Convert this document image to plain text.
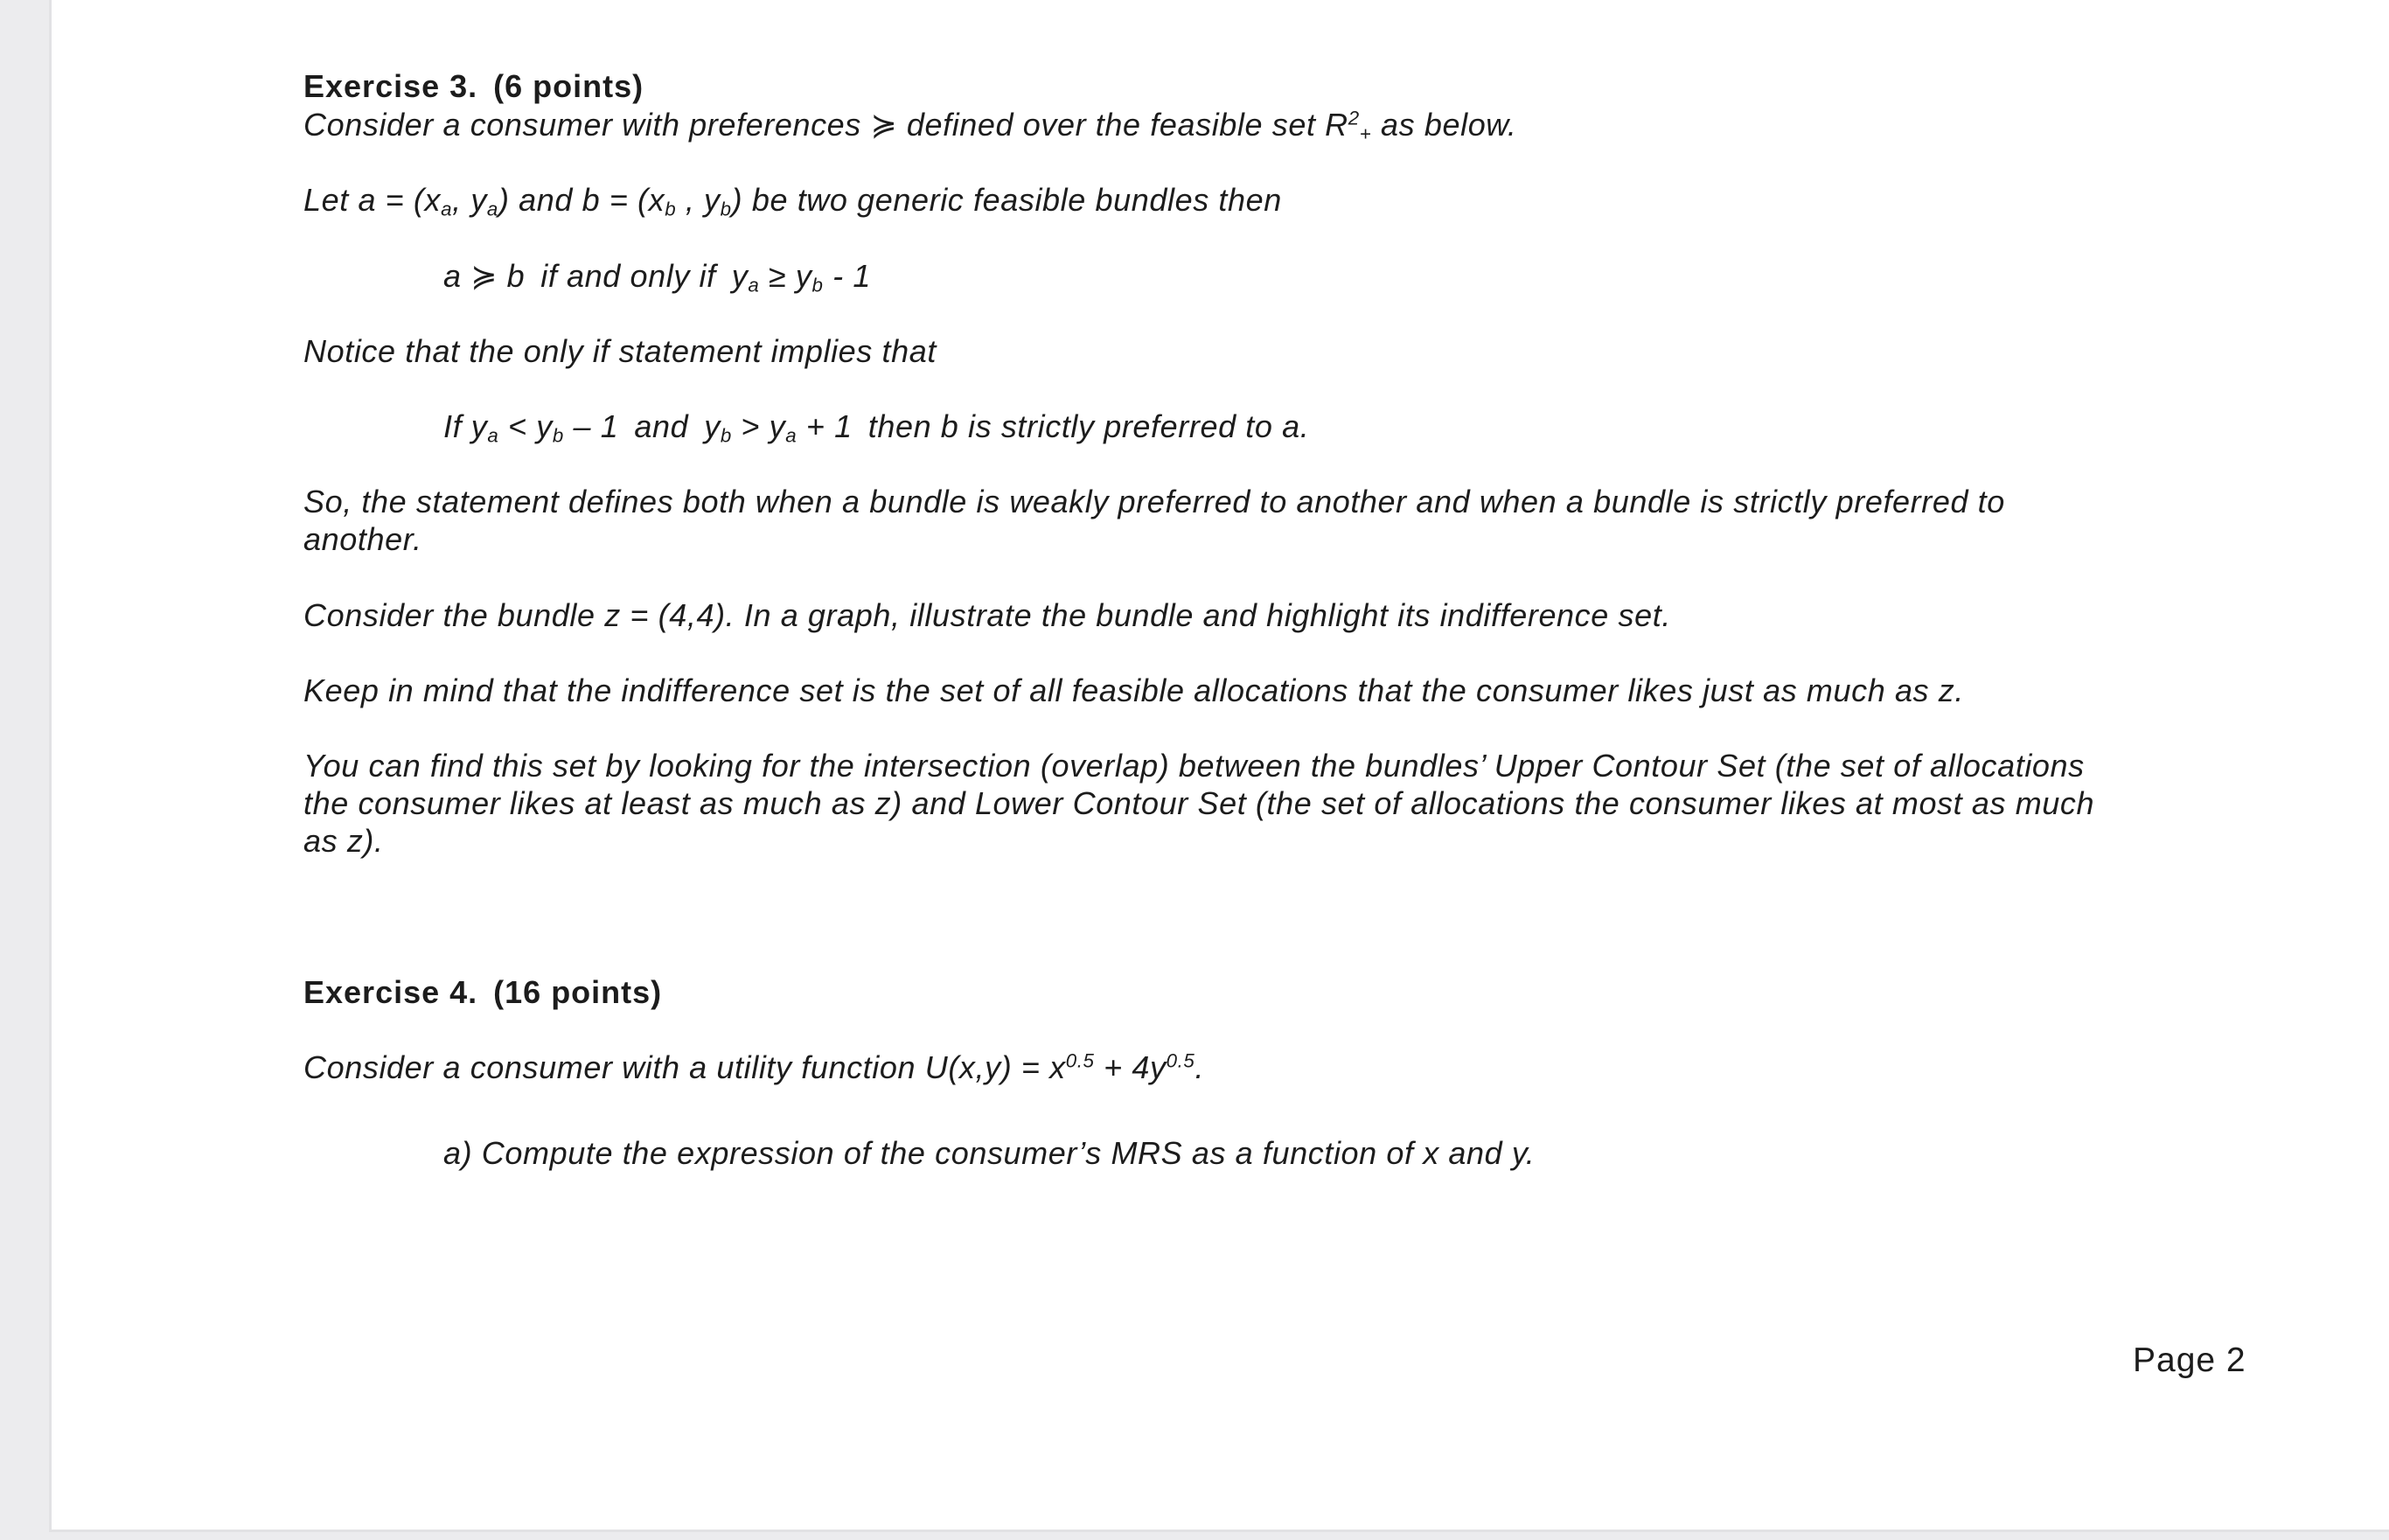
Exercise 3. (6 points)
Consider a consumer with preferences ≽ defined over the feasible set $R^2_+$ as below.
Let $a = (x_a$, $y_a$) and $b = (x_b$ , $y_b$) be two generic feasible bundles then
a ≽ b if and only if $y_a \ge y_b - 1$
Notice that the only if statement implies that
If $y_a < y_b - 1$ and $y_b > y_a + 1$ then b is strictly preferred to a.
So, the statement defines both when a bundle is weakly preferred to another and when a bundle is strictly preferred to
another.
Consider the bundle z = (4,4). In a graph, illustrate the bundle and highlight its indifference set.
Keep in mind that the indifference set is the set of all feasible allocations that the consumer likes just as much as z.
You can find this set by looking for the intersection (overlap) between the bundles’ Upper Contour Set (the set of allocations
the consumer likes at least as much as z) and Lower Contour Set (the set of allocations the consumer likes at most as much
as z).
Exercise 4. (16 points)
Consider a consumer with a utility function $U(x,y) = x^{0.5} + 4y^{0.5}$.
a) Compute the expression of the consumer’s MRS as a function of x and y.
Page 2
